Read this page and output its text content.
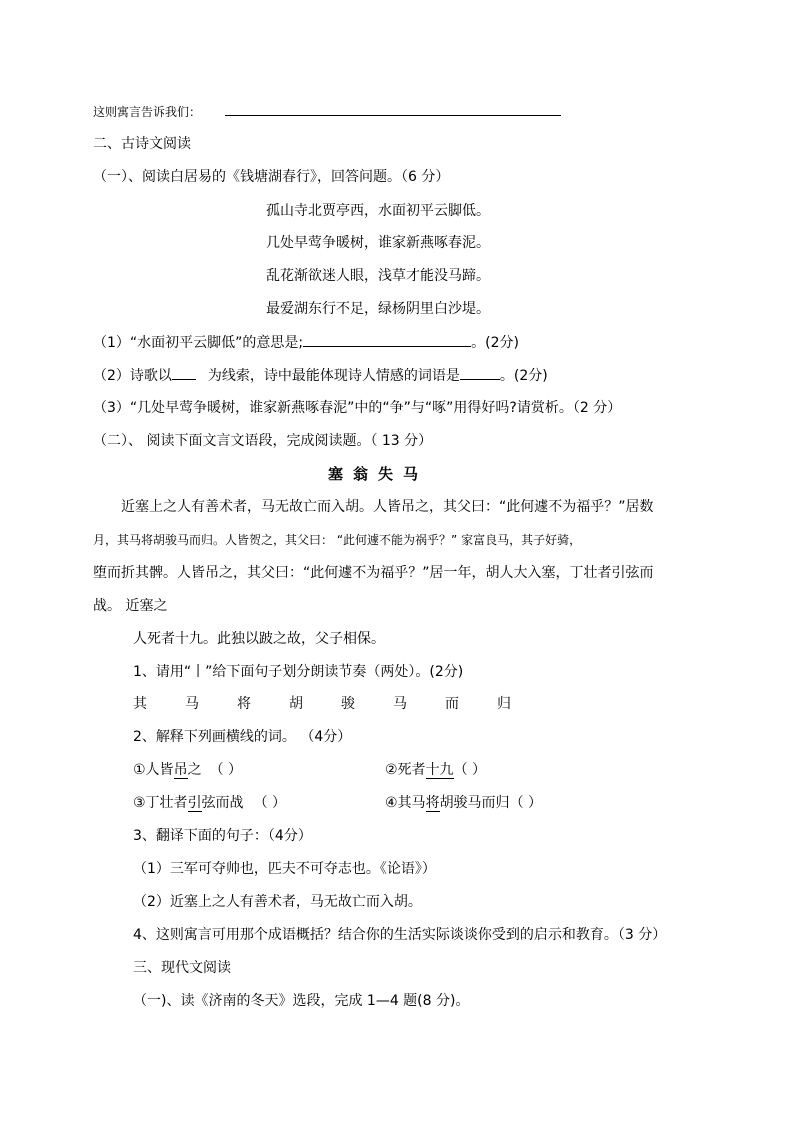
这则寓言告诉我们：
二、古诗文阅读
（一）、阅读白居易的《钱塘湖春行》，回答问题。（6 分）
孤山寺北贾亭西，水面初平云脚低。
几处早莺争暖树，谁家新燕啄春泥。
乱花渐欲迷人眼，浅草才能没马蹄。
最爱湖东行不足，绿杨阴里白沙堤。
（1）“水面初平云脚低”的意思是;	。(2分)
（2）诗歌以	为线索，诗中最能体现诗人情感的词语是	。(2分)
（3）“几处早莺争暖树，谁家新燕啄春泥”中的“争”与“啄”用得好吗?请赏析。（2 分）
（二）、 阅读下面文言文语段，完成阅读题。（ 13 分）
塞翁失马
近塞上之人有善术者，马无故亡而入胡。人皆吊之，其父曰：“此何遽不为福乎？”居数
月，其马将胡骏马而归。人皆贺之，其父曰： “此何遽不能为祸乎？” 家富良马，其子好骑，
堕而折其髀。人皆吊之，其父曰：“此何遽不为福乎？”居一年，胡人大入塞，丁壮者引弦而
战。 近塞之
人死者十九。此独以跛之故，父子相保。
1、请用“丨”给下面句子划分朗读节奏（两处）。(2分)
其	马	将	胡	骏	马	而	归
2、解释下列画横线的词。 （4分）
①人皆吊之 （ ）	②死者十九（ ）
③丁壮者引弦而战 （ ）	④其马将胡骏马而归（ ）
3、翻译下面的句子：（4分）
（1）三军可夺帅也，匹夫不可夺志也。《论语》）
（2）近塞上之人有善术者，马无故亡而入胡。
4、这则寓言可用那个成语概括？结合你的生活实际谈谈你受到的启示和教育。（3 分）
三、现代文阅读
（一)、读《济南的冬天》选段，完成 1—4 题(8 分)。
